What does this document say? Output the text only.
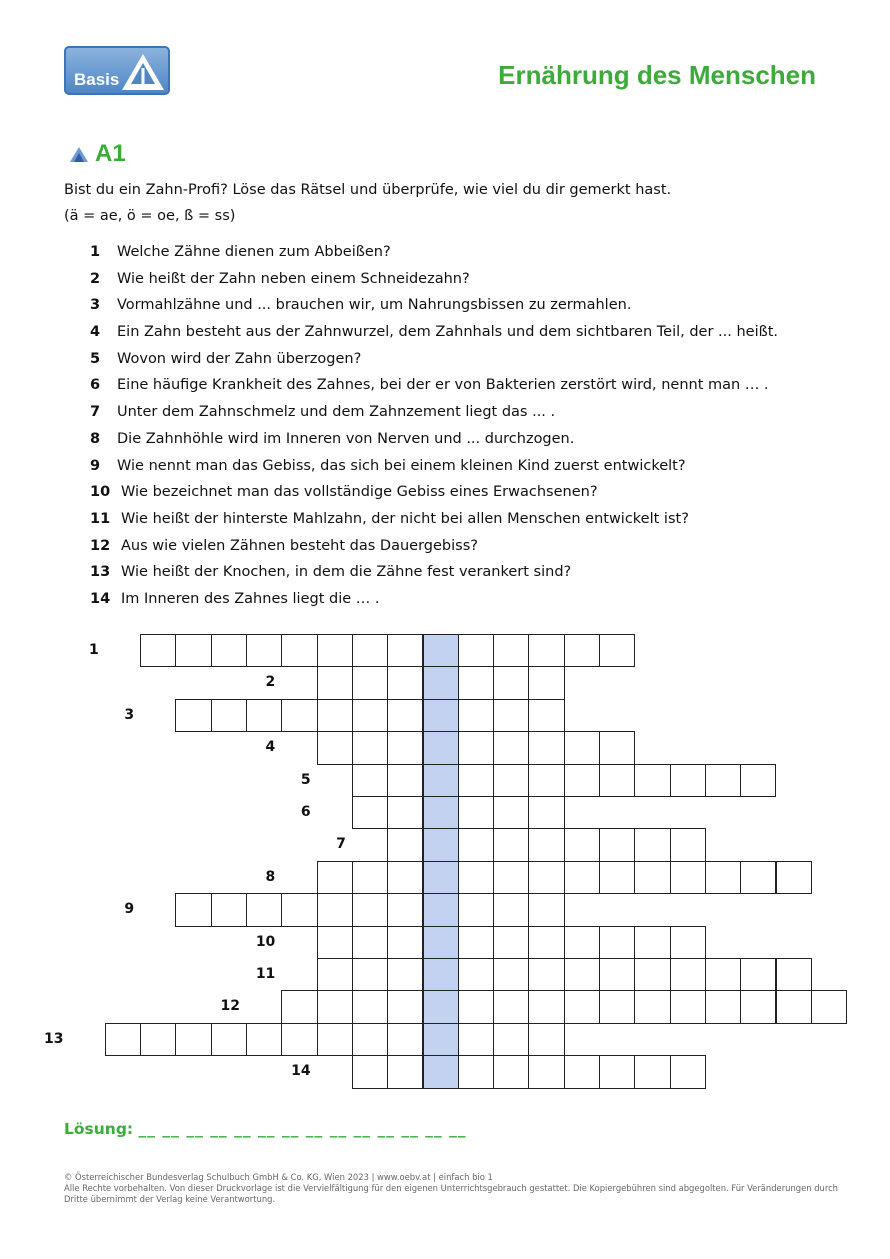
Basis	Ernährung des Menschen
A1

Bist du ein Zahn-Profi? Löse das Rätsel und überprüfe, wie viel du dir gemerkt hast.

(ä = ae, ö = oe, ß = ss)

1 Welche Zähne dienen zum Abbeißen?
2 Wie heißt der Zahn neben einem Schneidezahn?
3 Vormahlzähne und ... brauchen wir, um Nahrungsbissen zu zermahlen.
4 Ein Zahn besteht aus der Zahnwurzel, dem Zahnhals und dem sichtbaren Teil, der ... heißt.
5 Wovon wird der Zahn überzogen?
6 Eine häufige Krankheit des Zahnes, bei der er von Bakterien zerstört wird, nennt man … .
7 Unter dem Zahnschmelz und dem Zahnzement liegt das ... .
8 Die Zahnhöhle wird im Inneren von Nerven und ... durchzogen.
9 Wie nennt man das Gebiss, das sich bei einem kleinen Kind zuerst entwickelt?
10 Wie bezeichnet man das vollständige Gebiss eines Erwachsenen?
11 Wie heißt der hinterste Mahlzahn, der nicht bei allen Menschen entwickelt ist?
12 Aus wie vielen Zähnen besteht das Dauergebiss?
13 Wie heißt der Knochen, in dem die Zähne fest verankert sind?
14 Im Inneren des Zahnes liegt die … .
1
2
3
4
5
6
7
8
9
10
11
12
13
14
Lösung: __ __ __ __ __ __ __ __ __ __ __ __ __ __

© Österreichischer Bundesverlag Schulbuch GmbH & Co. KG, Wien 2023 | www.oebv.at | einfach bio 1

Alle Rechte vorbehalten. Von dieser Druckvorlage ist die Vervielfältigung für den eigenen Unterrichtsgebrauch gestattet. Die Kopiergebühren sind abgegolten. Für Veränderungen durch Dritte übernimmt der Verlag keine Verantwortung.
